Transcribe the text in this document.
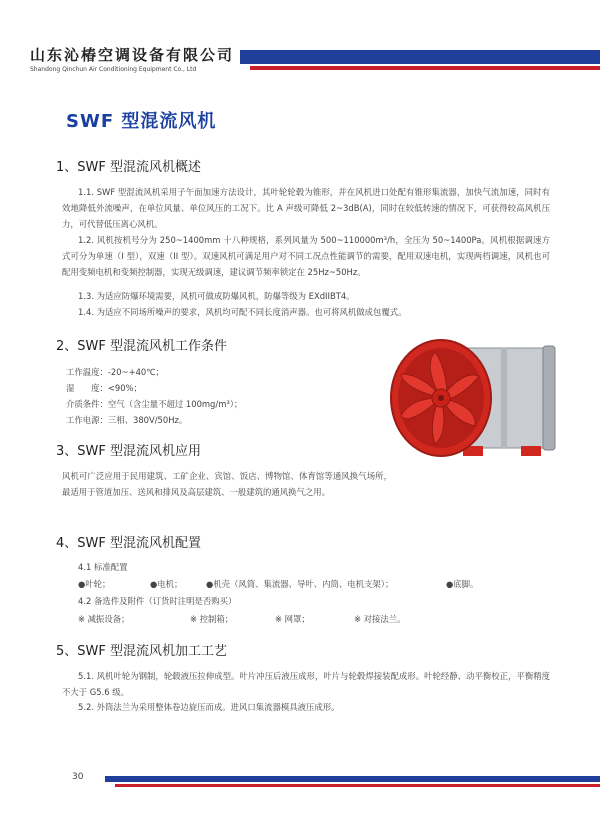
山东沁椿空调设备有限公司
Shandong Qinchun Air Conditioning Equipment Co., Ltd
SWF 型混流风机
1、SWF 型混流风机概述

1.1. SWF 型混流风机采用子午面加速方法设计，其叶轮轮毂为锥形，并在风机进口处配有锥形集流器，加快气流加速，同时有效地降低外流噪声，在单位风量、单位风压的工况下。比 A 声级可降低 2~3dB(A)，同时在较低转速的情况下，可获得较高风机压力，可代替低压离心风机。

1.2. 风机按机号分为 250~1400mm 十八种规格，系列风量为 500~110000m³/h，全压为 50~1400Pa。风机根据调速方式可分为单速（I 型），双速（II 型）。双速风机可满足用户对不同工况点性能调节的需要，配用双速电机，实现两档调速，风机也可配用变频电机和变频控制器，实现无级调速，建议调节频率锁定在 25Hz~50Hz。

1.3. 为适应防爆环境需要，风机可做成防爆风机，防爆等级为 EXdIIBT4。
1.4. 为适应不同场所噪声的要求，风机均可配不同长度消声器。也可将风机做成包覆式。
2、SWF 型混流风机工作条件
工作温度：-20~+40℃；
湿　　度：<90%；
介质条件：空气（含尘量不超过 100mg/m³）；
工作电源：三相、380V/50Hz。
3、SWF 型混流风机应用

风机可广泛应用于民用建筑、工矿企业、宾馆、饭店、博物馆、体育馆等通风换气场所，最适用于管道加压、送风和排风及高层建筑、一般建筑的通风换气之用。

4、SWF 型混流风机配置
4.1 标准配置
●叶轮；	●电机；	●机壳（风筒、集流器、导叶、内筒、电机支架）；	●底脚。
4.2 备选件及附件（订货时注明是否购买）
※ 减振设备；	※ 控制箱；	※ 网罩；	※ 对接法兰。
5、SWF 型混流风机加工工艺

5.1. 风机叶轮为钢制，轮毂液压拉伸成型。叶片冲压后液压成形，叶片与轮毂焊接装配成形。叶轮经静、动平衡校正，平衡精度不大于 G5.6 级。

5.2. 外筒法兰为采用整体卷边旋压而成。进风口集流器模具液压成形。
30
